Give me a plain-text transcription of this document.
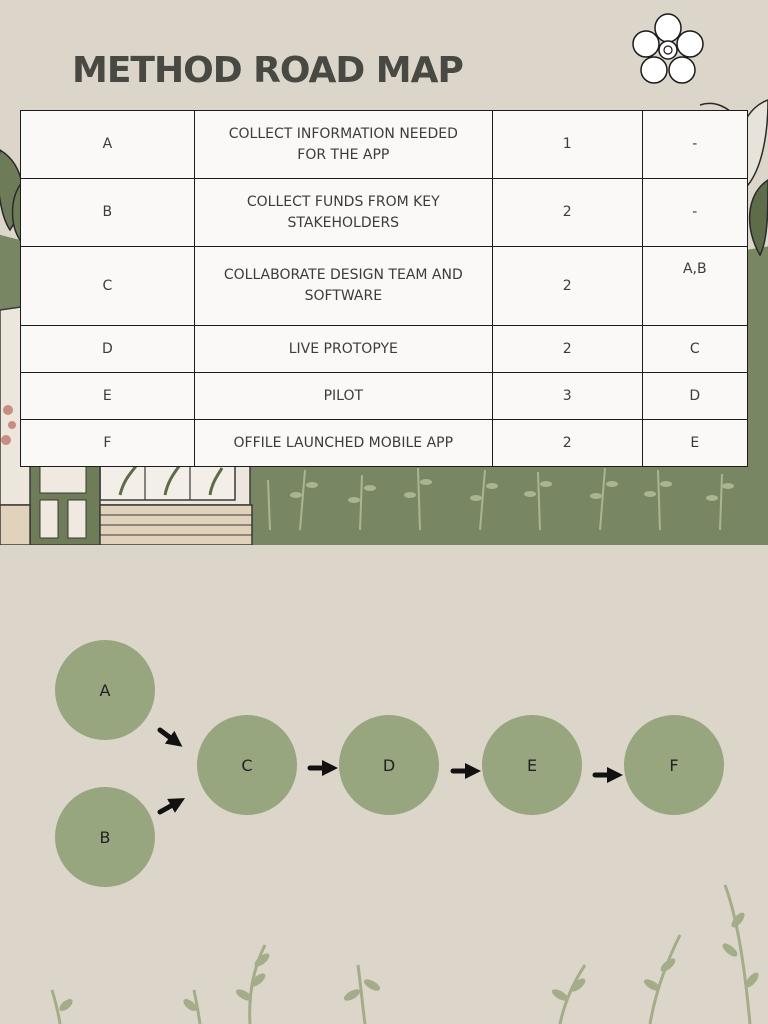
METHOD ROAD MAP
A	COLLECT INFORMATION NEEDED FOR THE APP	1	-
B	COLLECT FUNDS FROM KEY STAKEHOLDERS	2	-
C	COLLABORATE DESIGN TEAM AND SOFTWARE	2	A,B
D	LIVE PROTOPYE	2	C
E	PILOT	3	D
F	OFFILE LAUNCHED MOBILE APP	2	E
A
B
C	D	E	F
